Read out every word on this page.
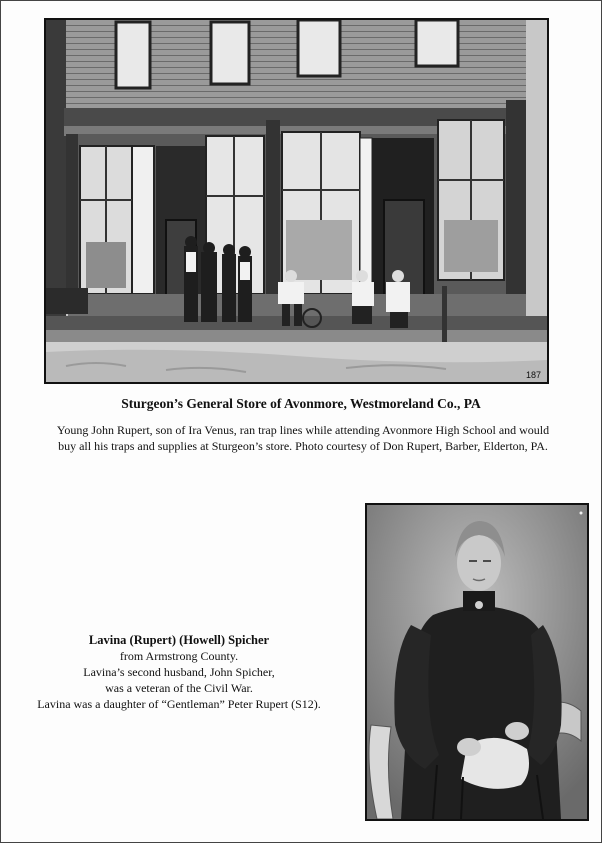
187
Sturgeon’s General Store of Avonmore, Westmoreland Co., PA
Young John Rupert, son of Ira Venus, ran trap lines while attending Avonmore High School and would
buy all his traps and supplies at Sturgeon’s store. Photo courtesy of Don Rupert, Barber, Elderton, PA.
Lavina (Rupert) (Howell) Spicher
from Armstrong County.
Lavina’s second husband, John Spicher,
was a veteran of the Civil War.
Lavina was a daughter of “Gentleman” Peter Rupert (S12).
